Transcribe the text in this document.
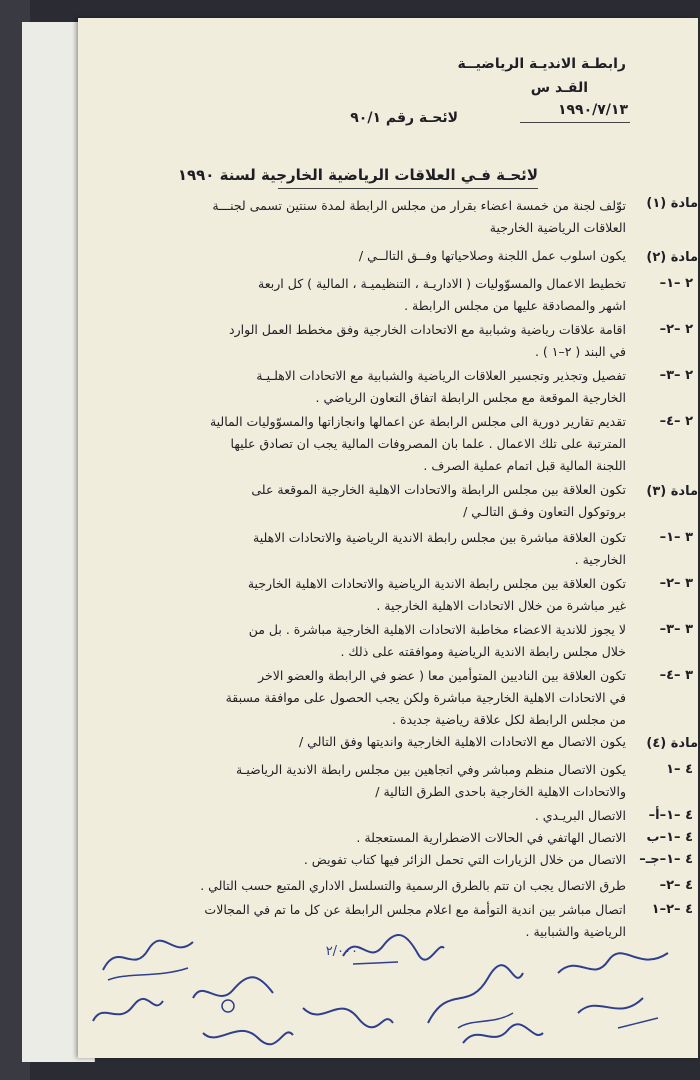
رابطـة الانديـة الرياضيــة
القـد س
١٩٩٠/٧/١٣
لائحـة رقم ٩٠/١
لائحـة فـي العلاقات الرياضية الخارجية لسنة ١٩٩٠
مادة (١)
توّلف لجنة من خمسة اعضاء بقرار من مجلس الرابطة لمدة سنتين تسمى لجنـــة
العلاقات الرياضية الخارجية
مادة (٢)
يكون اسلوب عمل اللجنة وصلاحياتها وفــق التالــي /
٢ –١–
تخطيط الاعمال والمسوّوليات ( الاداريـة ، التنظيميـة ، المالية ) كل اربعة
اشهر والمصادقة عليها من مجلس الرابطة .
٢ –٢–
اقامة علاقات رياضية وشبابية مع الاتحادات الخارجية وفق مخطط العمل الوارد
في البند ( ٢–١ ) .
٢ –٣–
تفصيل وتجذير وتجسير العلاقات الرياضية والشبابية مع الاتحادات الاهلـيـة
الخارجية الموقعة مع مجلس الرابطة اتفاق التعاون الرياضي .
٢ –٤–
تقديم تقارير دورية الى مجلس الرابطة عن اعمالها وانجازاتها والمسوّوليات المالية
المترتبة على تلك الاعمال . علما بان المصروفات المالية يجب ان تصادق عليها
اللجنة المالية قبل اتمام عملية الصرف .
مادة (٣)
تكون العلاقة بين مجلس الرابطة والاتحادات الاهلية الخارجية الموقعة على
بروتوكول التعاون وفـق التالـي /
٣ –١–
تكون العلاقة مباشرة بين مجلس رابطة الاندية الرياضية والاتحادات الاهلية
الخارجية .
٣ –٢–
تكون العلاقة بين مجلس رابطة الاندية الرياضية والاتحادات الاهلية الخارجية
غير مباشرة من خلال الاتحادات الاهلية الخارجية .
٣ –٣–
لا يجوز للاندية الاعضاء مخاطبة الاتحادات الاهلية الخارجية مباشرة . بل من
خلال مجلس رابطة الاندية الرياضية وموافقته على ذلك .
٣ –٤–
تكون العلاقة بين الناديين المتوأمين معا ( عضو في الرابطة والعضو الاخر
في الاتحادات الاهلية الخارجية مباشرة ولكن يجب الحصول على موافقة مسبقة
من مجلس الرابطة لكل علاقة رياضية جديدة .
مادة (٤)
يكون الاتصال مع الاتحادات الاهلية الخارجية وانديتها وفق التالي /
٤ –١
يكون الاتصال منظم ومباشر وفي اتجاهين بين مجلس رابطة الاندية الرياضيـة
والاتحادات الاهلية الخارجية باحدى الطرق التالية /
٤ –١–أ–
الاتصال البريـدي .
٤ –١–ب
الاتصال الهاتفي في الحالات الاضطرارية المستعجلة .
٤ –١–جـ–
الاتصال من خلال الزيارات التي تحمل الزائر فيها كتاب تفويض .
٤ –٢–
طرق الاتصال يجب ان تتم بالطرق الرسمية والتسلسل الاداري المتبع حسب التالي .
٤ –٢–١
اتصال مباشر بين اندية التوأمة مع اعلام مجلس الرابطة عن كل ما تم في المجالات
الرياضية والشبابية .
٢/٠٠٠
